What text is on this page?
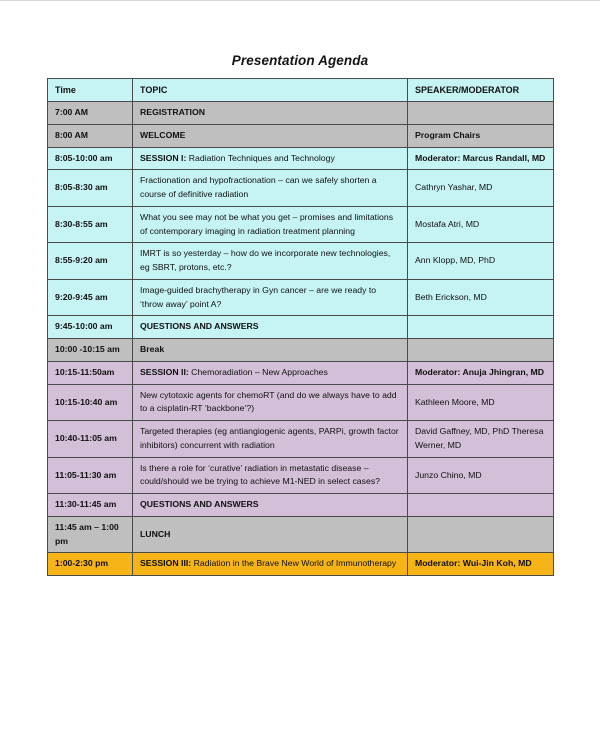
Presentation Agenda
Time	TOPIC	SPEAKER/MODERATOR
7:00 AM	REGISTRATION	
8:00 AM	WELCOME	Program Chairs
8:05-10:00 am	SESSION I: Radiation Techniques and Technology	Moderator: Marcus Randall, MD
8:05-8:30 am	Fractionation and hypofractionation – can we safely shorten a course of definitive radiation	Cathryn Yashar, MD
8:30-8:55 am	What you see may not be what you get – promises and limitations of contemporary imaging in radiation treatment planning	Mostafa Atri, MD
8:55-9:20 am	IMRT is so yesterday – how do we incorporate new technologies, eg SBRT, protons, etc.?	Ann Klopp, MD, PhD
9:20-9:45 am	Image-guided brachytherapy in Gyn cancer – are we ready to ‘throw away’ point A?	Beth Erickson, MD
9:45-10:00 am	QUESTIONS AND ANSWERS	
10:00 -10:15 am	Break	
10:15-11:50am	SESSION II: Chemoradiation – New Approaches	Moderator: Anuja Jhingran, MD
10:15-10:40 am	New cytotoxic agents for chemoRT (and do we always have to add to a cisplatin-RT ‘backbone’?)	Kathleen Moore, MD
10:40-11:05 am	Targeted therapies (eg antiangiogenic agents, PARPi, growth factor inhibitors) concurrent with radiation	David Gaffney, MD, PhD Theresa Werner, MD
11:05-11:30 am	Is there a role for ‘curative’ radiation in metastatic disease – could/should we be trying to achieve M1-NED in select cases?	Junzo Chino, MD
11:30-11:45 am	QUESTIONS AND ANSWERS	
11:45 am – 1:00 pm	LUNCH	
1:00-2:30 pm	SESSION III: Radiation in the Brave New World of Immunotherapy	Moderator: Wui-Jin Koh, MD
